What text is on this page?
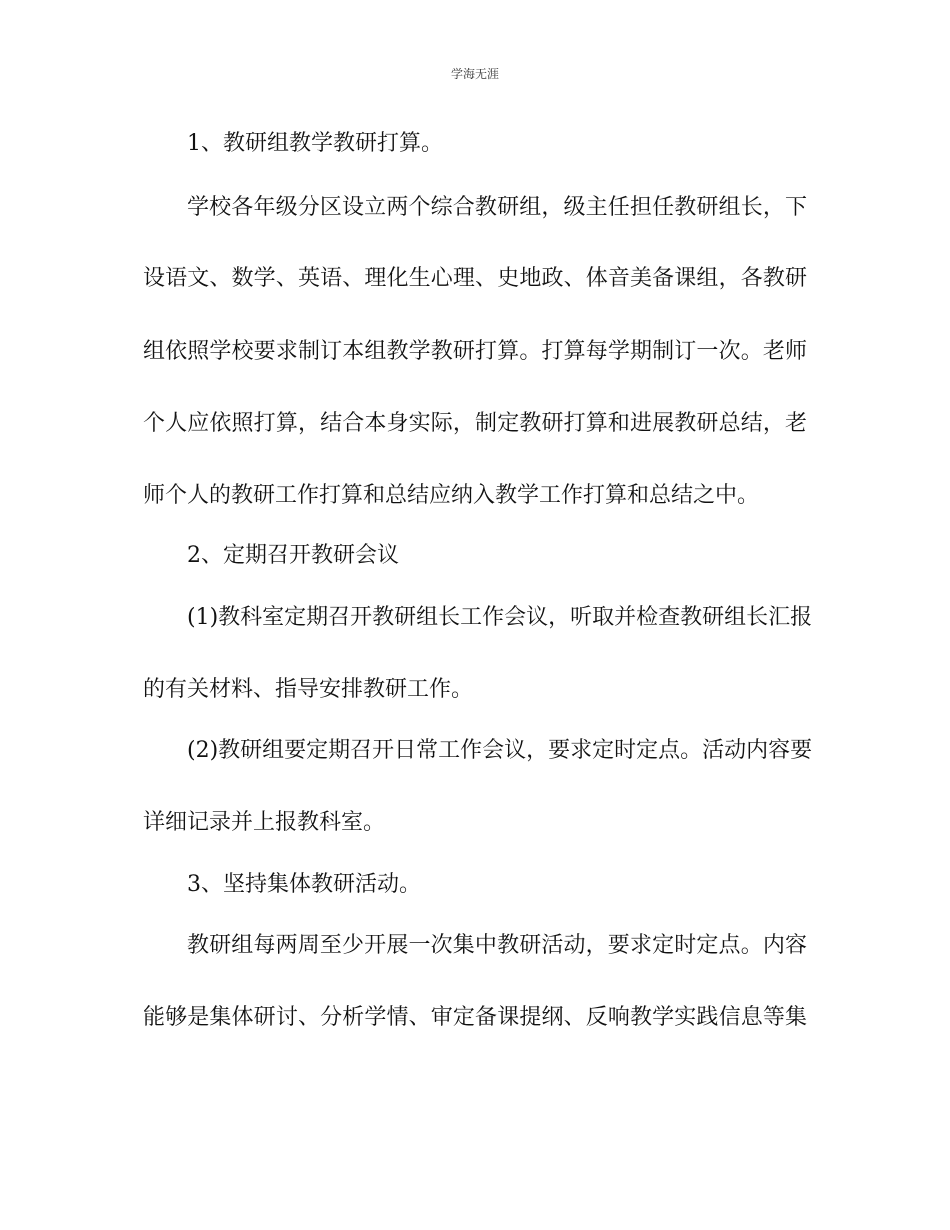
学海无涯
1、教研组教学教研打算。
学校各年级分区设立两个综合教研组，级主任担任教研组长，下
设语文、数学、英语、理化生心理、史地政、体音美备课组，各教研
组依照学校要求制订本组教学教研打算。打算每学期制订一次。老师
个人应依照打算，结合本身实际，制定教研打算和进展教研总结，老
师个人的教研工作打算和总结应纳入教学工作打算和总结之中。
2、定期召开教研会议
(1)教科室定期召开教研组长工作会议，听取并检查教研组长汇报
的有关材料、指导安排教研工作。
(2)教研组要定期召开日常工作会议，要求定时定点。活动内容要
详细记录并上报教科室。
3、坚持集体教研活动。
教研组每两周至少开展一次集中教研活动，要求定时定点。内容
能够是集体研讨、分析学情、审定备课提纲、反响教学实践信息等集
